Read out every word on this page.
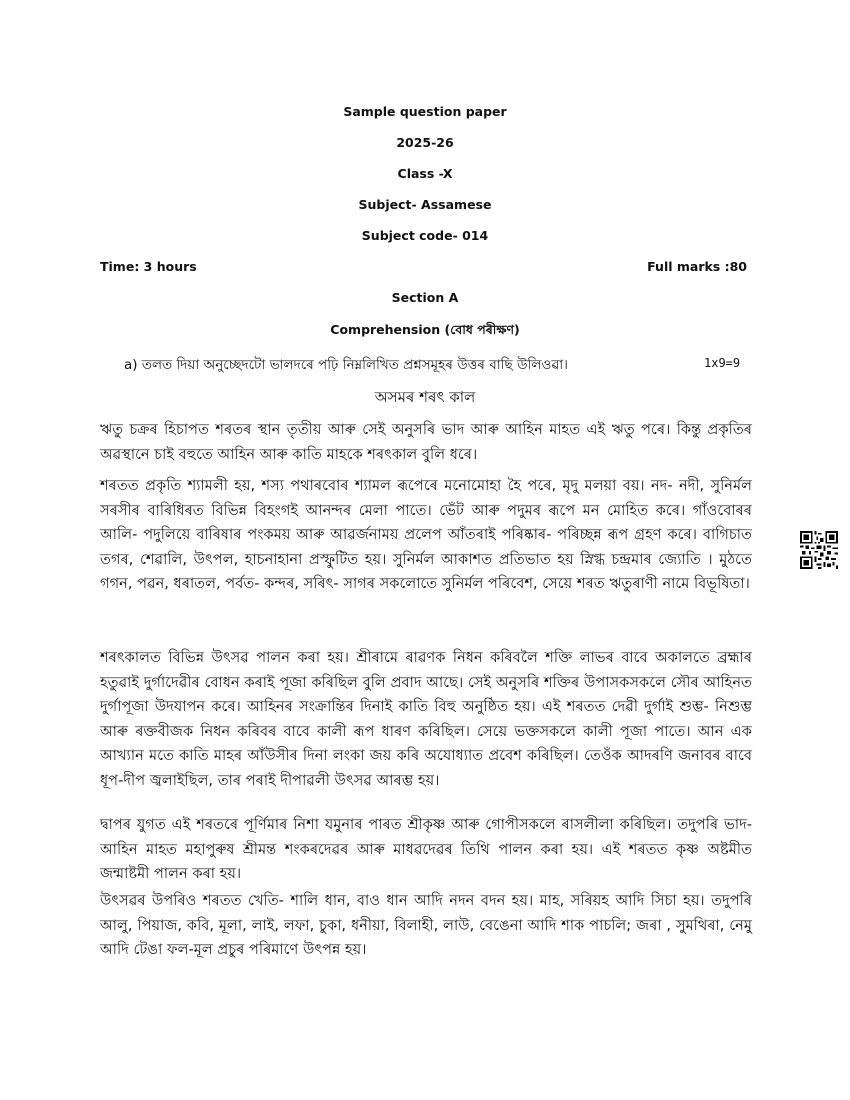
Sample question paper
2025-26
Class -X
Subject- Assamese
Subject code- 014
Time: 3 hours	Full marks :80
Section A
Comprehension (বোধ পৰীক্ষণ)
a) তলত দিয়া অনুচ্ছেদটো ভালদৰে পঢ়ি নিম্নলিখিত প্ৰশ্নসমূহৰ উত্তৰ বাছি উলিওৱা।	1x9=9
অসমৰ শৰৎ কাল

ঋতু চক্ৰৰ হিচাপত শৰতৰ স্থান তৃতীয় আৰু সেই অনুসৰি ভাদ আৰু আহিন মাহত এই ঋতু পৰে। কিন্তু প্ৰকৃতিৰ অৱস্থানে চাই বহুতে আহিন আৰু কাতি মাহকে শৰৎকাল বুলি ধৰে।

শৰতত প্ৰকৃতি শ্যামলী হয়, শস্য পথাৰবোৰ শ্যামল ৰূপেৰে মনোমোহা হৈ পৰে, মৃদু মলয়া বয়। নদ- নদী, সুনিৰ্মল সৰসীৰ বাৰিধিৰত বিভিন্ন বিহংগই আনন্দৰ মেলা পাতে। ভেঁট আৰু পদুমৰ ৰূপে মন মোহিত কৰে। গাঁওবোৰৰ আলি- পদুলিয়ে বাৰিষাৰ পংকময় আৰু আৱৰ্জনাময় প্ৰলেপ আঁতৰাই পৰিষ্কাৰ- পৰিচ্ছন্ন ৰূপ গ্ৰহণ কৰে। বাগিচাত তগৰ, শেৱালি, উৎপল, হাচনাহানা প্ৰস্ফুটিত হয়। সুনিৰ্মল আকাশত প্ৰতিভাত হয় স্নিগ্ধ চন্দ্ৰমাৰ জ্যোতি । মুঠতে গগন, পৱন, ধৰাতল, পৰ্বত- কন্দৰ, সৰিৎ- সাগৰ সকলোতে সুনিৰ্মল পৰিবেশ, সেয়ে শৰত ঋতুৰাণী নামে বিভূষিতা।

শৰৎকালত বিভিন্ন উৎসৱ পালন কৰা হয়। শ্ৰীৰামে ৰাৱণক নিধন কৰিবলৈ শক্তি লাভৰ বাবে অকালতে ব্ৰহ্মাৰ হতুৱাই দুৰ্গাদেৱীৰ বোধন কৰাই পূজা কৰিছিল বুলি প্ৰবাদ আছে। সেই অনুসৰি শক্তিৰ উপাসকসকলে সৌৰ আহিনত দুৰ্গাপূজা উদযাপন কৰে। আহিনৰ সংক্ৰান্তিৰ দিনাই কাতি বিহু অনুষ্ঠিত হয়। এই শৰতত দেৱী দুৰ্গাই শুম্ভ- নিশুম্ভ আৰু ৰক্তবীজক নিধন কৰিবৰ বাবে কালী ৰূপ ধাৰণ কৰিছিল। সেয়ে ভক্তসকলে কালী পূজা পাতে। আন এক আখ্যান মতে কাতি মাহৰ আঁউসীৰ দিনা লংকা জয় কৰি অযোধ্যাত প্ৰবেশ কৰিছিল। তেওঁক আদৰণি জনাবৰ বাবে ধূপ-দীপ জ্বলাইছিল, তাৰ পৰাই দীপাৱলী উৎসৱ আৰম্ভ হয়।

দ্বাপৰ যুগত এই শৰতৰে পূৰ্ণিমাৰ নিশা যমুনাৰ পাৰত শ্ৰীকৃষ্ণ আৰু গোপীসকলে ৰাসলীলা কৰিছিল। তদুপৰি ভাদ- আহিন মাহত মহাপুৰুষ শ্ৰীমন্ত শংকৰদেৱৰ আৰু মাধৱদেৱৰ তিথি পালন কৰা হয়। এই শৰতত কৃষ্ণ অষ্টমীত জন্মাষ্টমী পালন কৰা হয়।

উৎসৱৰ উপৰিও শৰতত খেতি- শালি ধান, বাও ধান আদি নদন বদন হয়। মাহ, সৰিয়হ আদি সিচা হয়। তদুপৰি আলু, পিয়াজ, কবি, মূলা, লাই, লফা, চুকা, ধনীয়া, বিলাহী, লাউ, বেঙেনা আদি শাক পাচলি; জৰা , সুমথিৰা, নেমু আদি টেঙা ফল-মূল প্ৰচুৰ পৰিমাণে উৎপন্ন হয়।
